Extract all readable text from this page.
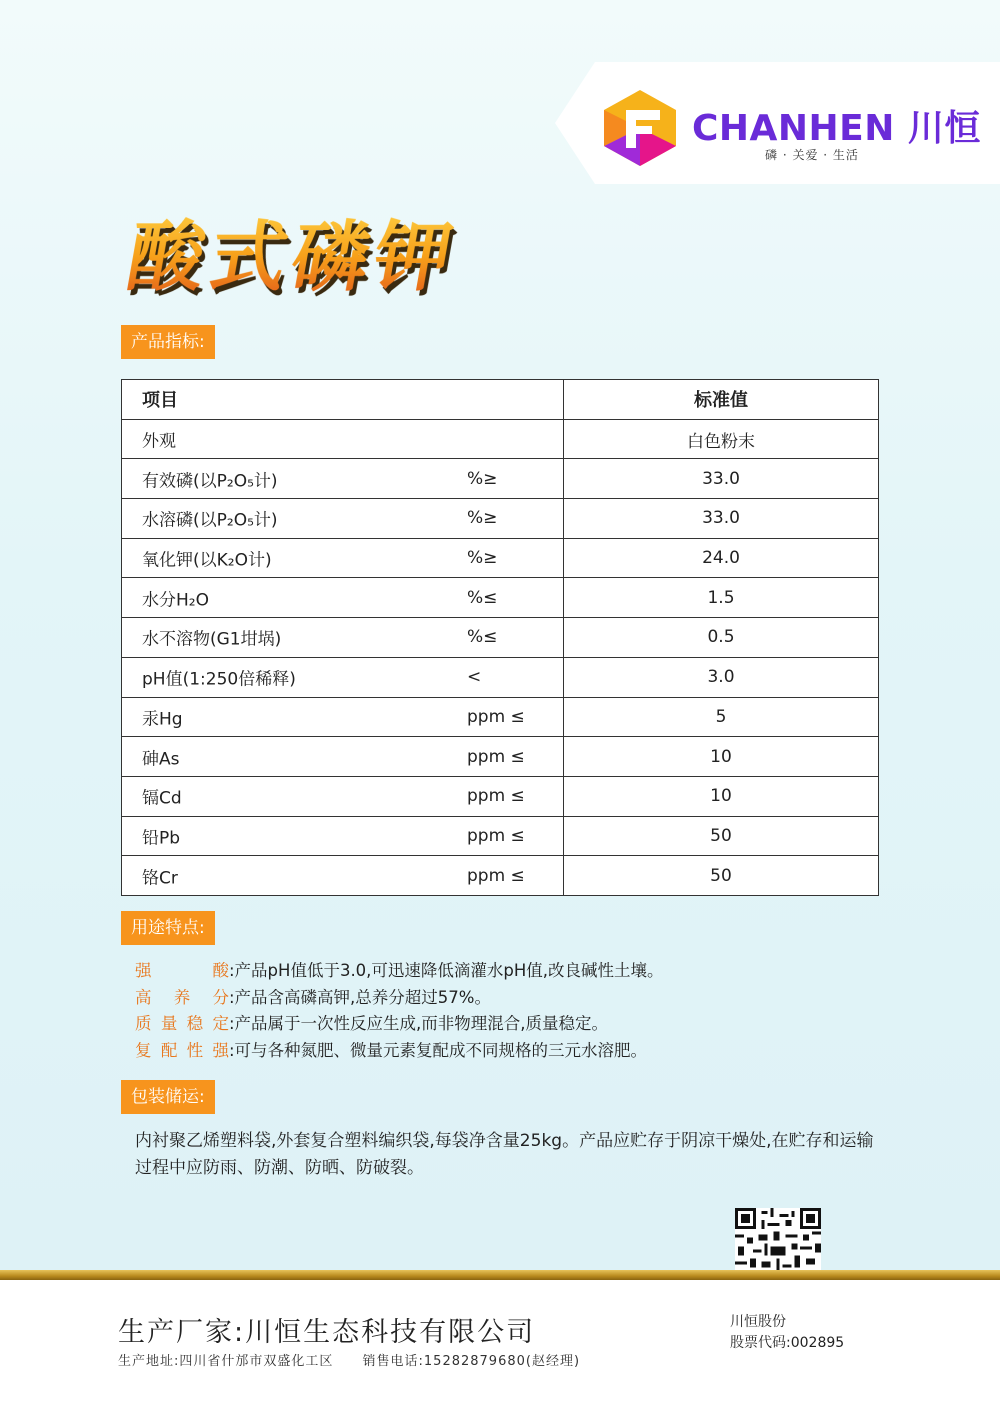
CHANHEN 川恒
磷 · 关爱 · 生活
酸式磷钾
产品指标:
项目	标准值

外观	白色粉末

有效磷(以P₂O₅计) %≥	33.0

水溶磷(以P₂O₅计) %≥	33.0

氧化钾(以K₂O计) %≥	24.0

水分H₂O %≤	1.5

水不溶物(G1坩埚) %≤	0.5

pH值(1:250倍稀释) <	3.0

汞Hg ppm ≤	5

砷As ppm ≤	10

镉Cd ppm ≤	10

铅Pb ppm ≤	50

铬Cr ppm ≤	50
用途特点:
强酸:产品pH值低于3.0,可迅速降低滴灌水pH值,改良碱性土壤。
高养分:产品含高磷高钾,总养分超过57%。
质量稳定:产品属于一次性反应生成,而非物理混合,质量稳定。
复配性强:可与各种氮肥、微量元素复配成不同规格的三元水溶肥。
包装储运:
内衬聚乙烯塑料袋,外套复合塑料编织袋,每袋净含量25kg。产品应贮存于阴凉干燥处,在贮存和运输过程中应防雨、防潮、防晒、防破裂。
生产厂家:川恒生态科技有限公司
生产地址:四川省什邡市双盛化工区 销售电话:15282879680(赵经理)
川恒股份
股票代码:002895
